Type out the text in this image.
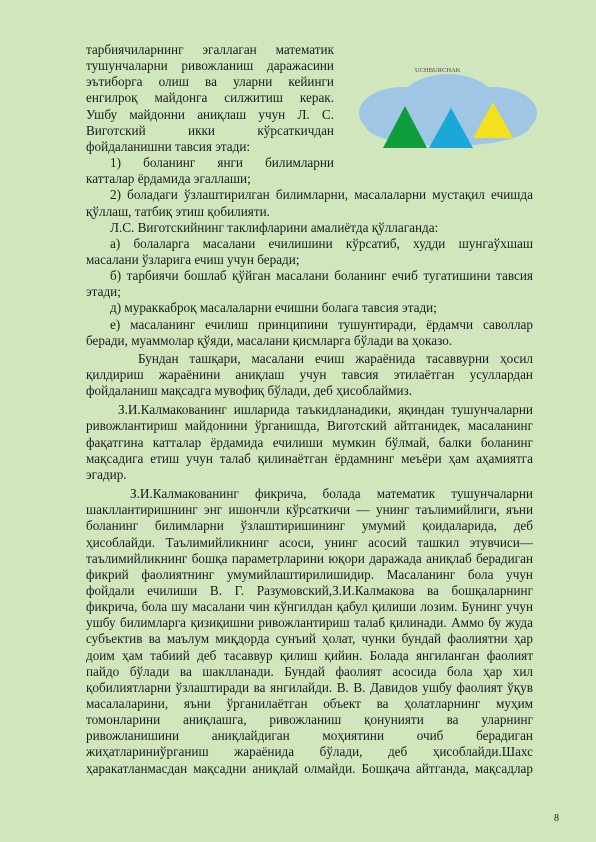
UCHBURCHAK
тарбиячиларнинг эгаллаган математик
тушунчаларни ривожланиш даражасини
эътиборга олиш ва уларни кейинги
енгилроқ майдонга силжитиш керак.
Ушбу майдонни аниқлаш учун Л. С.
Виготский икки кўрсаткичдан
фойдаланишни тавсия этади:
1) боланинг янги билимларни
катталар ёрдамида эгаллаши;
2) боладаги ўзлаштирилган билимларни, масалаларни мустақил ечишда
қўллаш, татбиқ этиш қобилияти.
Л.С. Виготскийнинг таклифларини амалиётда қўллаганда:
а) болаларга масалани ечилишини кўрсатиб, худди шунгаўхшаш
масалани ўзларига ечиш учун беради;
б) тарбиячи бошлаб қўйган масалани боланинг ечиб тугатишини тавсия
этади;
д) мураккаброқ масалаларни ечишни болага тавсия этади;
е) масаланинг ечилиш принципини тушунтиради, ёрдамчи саволлар
беради, муаммолар қўяди, масалани қисмларга бўлади ва ҳоказо.
Бундан ташқари, масалани ечиш жараёнида тасаввурни ҳосил
қилдириш жараёнини аниқлаш учун тавсия этилаётган усуллардан
фойдаланиш мақсадга мувофиқ бўлади, деб ҳисоблаймиз.
З.И.Калмакованинг ишларида таъкидланадики, яқиндан тушунчаларни
ривожлантириш майдонини ўрганишда, Виготский айтганидек, масаланинг
фақатгина катталар ёрдамида ечилиши мумкин бўлмай, балки боланинг
мақсадига етиш учун талаб қилинаётган ёрдамнинг меъёри ҳам аҳамиятга
эгадир.
З.И.Калмакованинг фикрича, болада математик тушунчаларни
шакллантиришнинг энг ишончли кўрсаткичи — унинг таълимийлиги, яъни
боланинг билимларни ўзлаштиришининг умумий қоидаларида, деб
ҳисоблайди. Таълимийликнинг асоси, унинг асосий ташкил этувчиси—
таълимийликнинг бошқа параметрларини юқори даражада аниқлаб берадиган
фикрий фаолиятнинг умумийлаштирилишидир. Масаланинг бола учун
фойдали ечилиши В. Г. Разумовский,З.И.Калмакова ва бошқаларнинг
фикрича, бола шу масалани чин кўнгилдан қабул қилиши лозим. Бунинг учун
ушбу билимларга қизиқишни ривожлантириш талаб қилинади. Аммо бу жуда
субъектив ва маълум миқдорда сунъий ҳолат, чунки бундай фаолиятни ҳар
доим ҳам табиий деб тасаввур қилиш қийин. Болада янгиланган фаолият
пайдо бўлади ва шаклланади. Бундай фаолият асосида бола ҳар хил
қобилиятларни ўзлаштиради ва янгилайди. В. В. Давидов ушбу фаолият ўқув
масалаларини, яъни ўрганилаётган объект ва ҳолатларнинг муҳим
томонларини аниқлашга, ривожланиш қонунияти ва уларнинг
ривожланишини аниқлайдиган моҳиятини очиб берадиган
жиҳатлариниўрганиш жараёнида бўлади, деб ҳисоблайди.Шахс
ҳаракатланмасдан мақсадни аниқлай олмайди. Бошқача айтганда, мақсадлар
8
